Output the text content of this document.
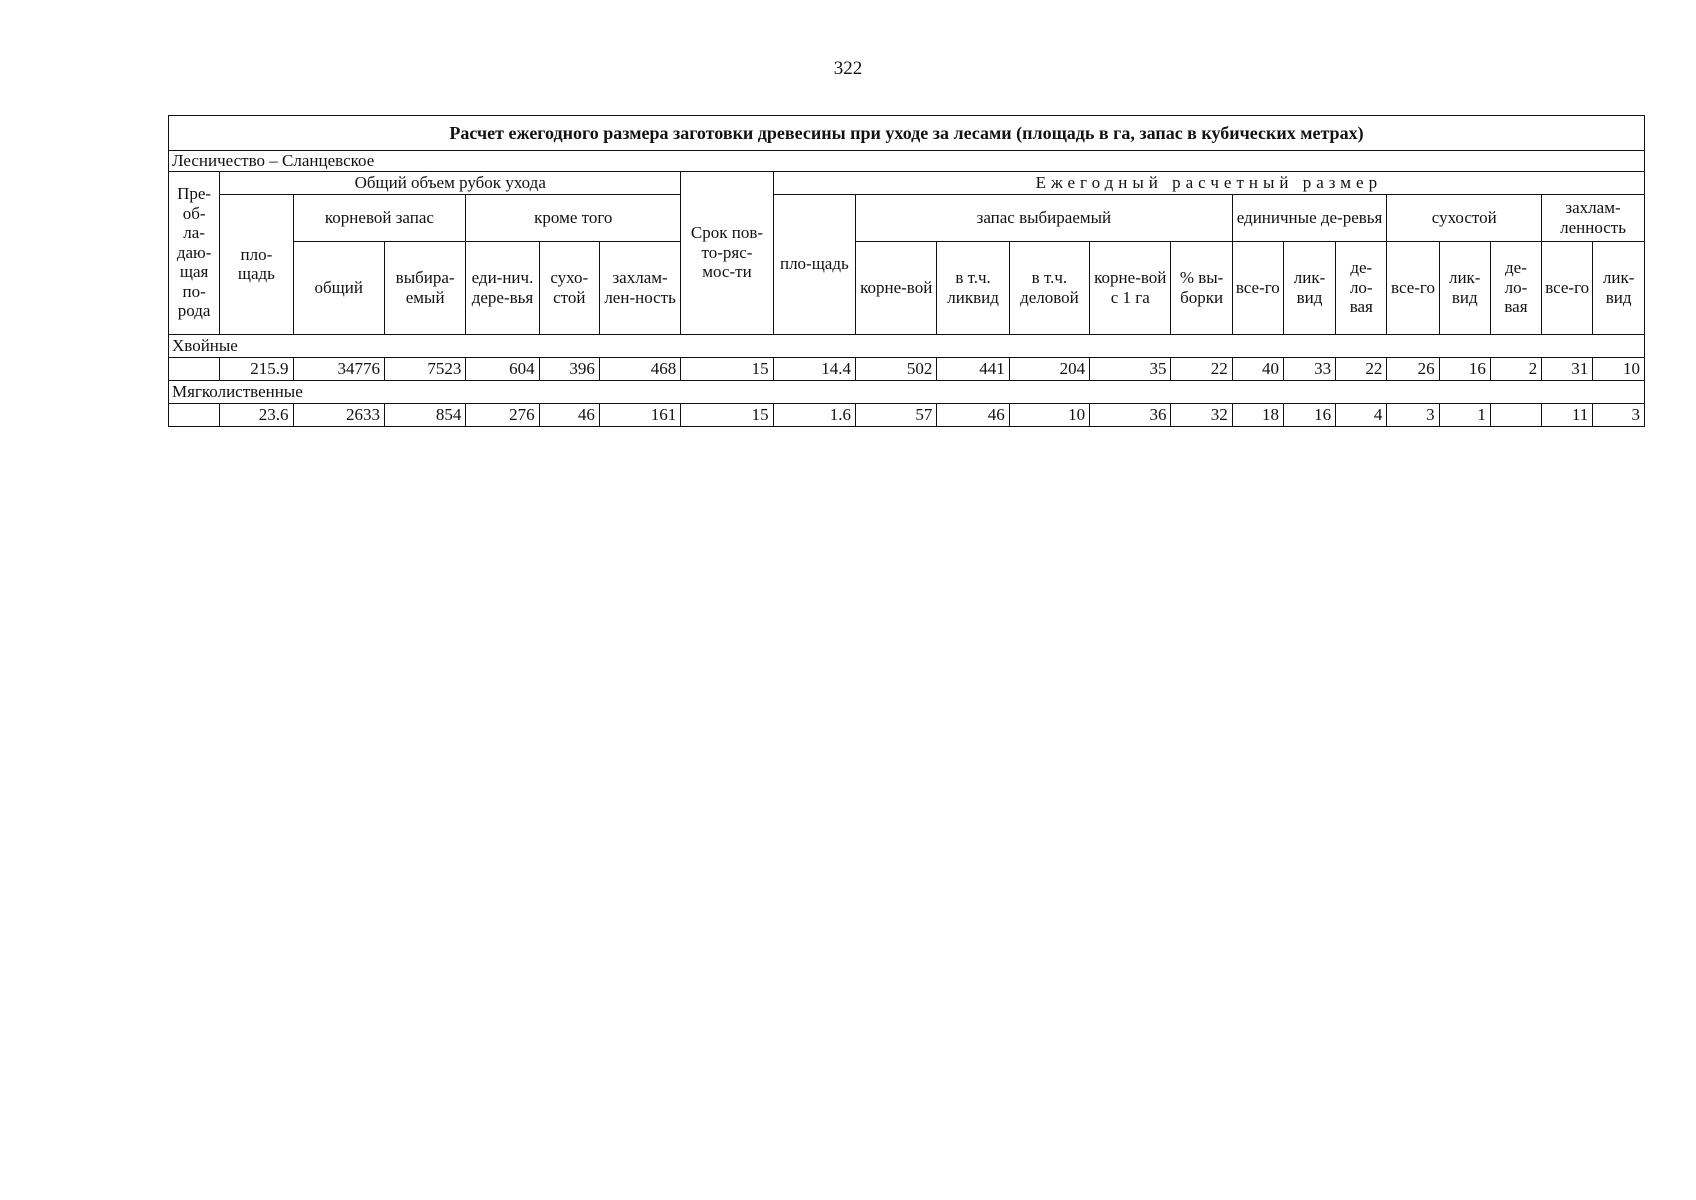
322
Расчет ежегодного размера заготовки древесины при уходе за лесами (площадь в га, запас в кубических метрах)																					
Лесничество – Сланцевское																					
Пре-об-ла-даю-щая по-рода	Общий объем рубок ухода						Срок пов- то-ряс- мос-ти	Ежегодный расчетный размер													
	пло-щадь	корневой запас		кроме того				пло-щадь	запас выбираемый					единичные де-ревья			сухостой			захлам-ленность	
		общий	выбира-емый	еди-нич. дере-вья	сухо-стой	захлам-лен-ность			корне-вой	в т.ч. ликвид	в т.ч. деловой	корне-вой с 1 га	% вы-борки	все-го	лик-вид	де-ло-вая	все-го	лик-вид	де-ло-вая	все-го	лик-вид
Хвойные																					
	215.9	34776	7523	604	396	468	15	14.4	502	441	204	35	22	40	33	22	26	16	2	31	10
Мягколиственные																					
	23.6	2633	854	276	46	161	15	1.6	57	46	10	36	32	18	16	4	3	1		11	3
